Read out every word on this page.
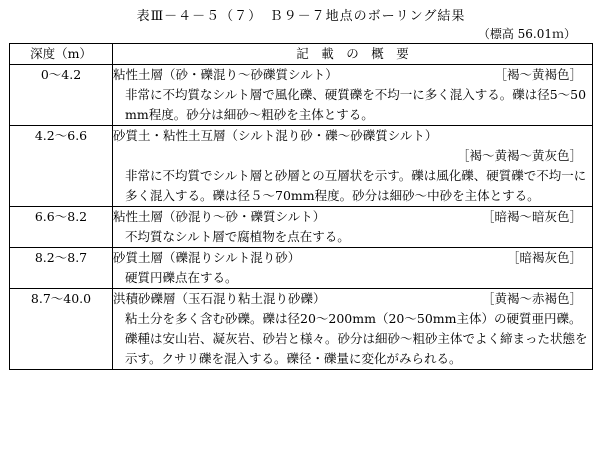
表Ⅲ－４－５（７）　Ｂ９－７地点のボーリング結果
（標高 56.01ｍ）
深度（m）	記　載　の　概　要
0〜4.2	粘性土層（砂・礫混り〜砂礫質シルト） ［褐〜黄褐色］
非常に不均質なシルト層で風化礫、硬質礫を不均一に多く混入する。礫は径5〜50 mm程度。砂分は細砂〜粗砂を主体とする。

4.2〜6.6	砂質土・粘性土互層（シルト混り砂・礫〜砂礫質シルト）
［褐〜黄褐〜黄灰色］
非常に不均質でシルト層と砂層との互層状を示す。礫は風化礫、硬質礫で不均一に多く混入する。礫は径５〜70mm程度。砂分は細砂〜中砂を主体とする。

6.6〜8.2	粘性土層（砂混り〜砂・礫質シルト） ［暗褐〜暗灰色］
不均質なシルト層で腐植物を点在する。

8.2〜8.7	砂質土層（礫混りシルト混り砂） ［暗褐灰色］
硬質円礫点在する。

8.7〜40.0	洪積砂礫層（玉石混り粘土混り砂礫） ［黄褐〜赤褐色］
粘土分を多く含む砂礫。礫は径20〜200mm（20〜50mm主体）の硬質亜円礫。礫種は安山岩、凝灰岩、砂岩と様々。砂分は細砂〜粗砂主体でよく締まった状態を示す。クサリ礫を混入する。礫径・礫量に変化がみられる。
